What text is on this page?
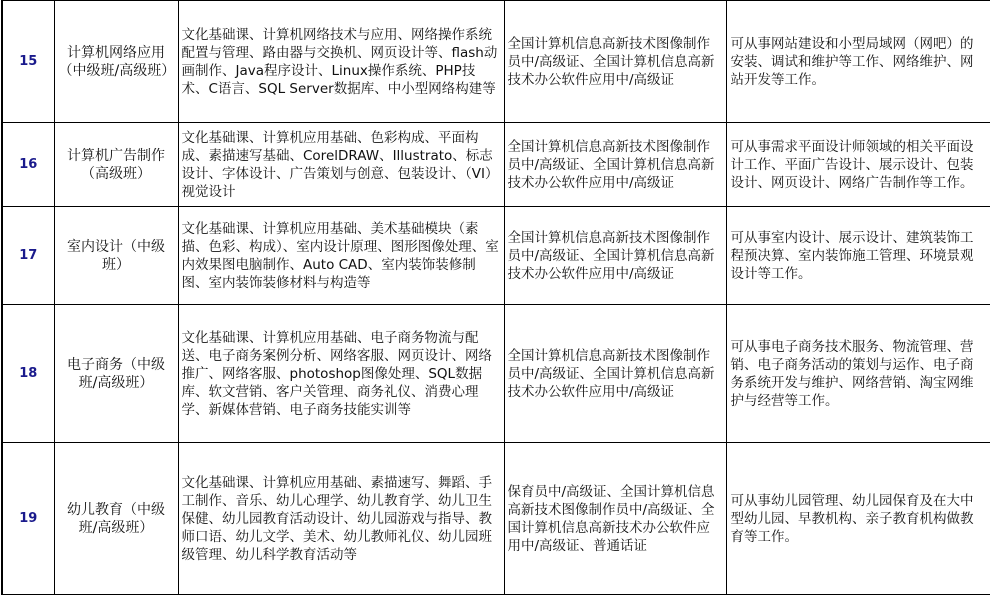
15	计算机网络应用（中级班/高级班）	文化基础课、计算机网络技术与应用、网络操作系统配置与管理、路由器与交换机、网页设计等、flash动画制作、Java程序设计、Linux操作系统、PHP技术、C语言、SQL Server数据库、中小型网络构建等	全国计算机信息高新技术图像制作员中/高级证、全国计算机信息高新技术办公软件应用中/高级证	可从事网站建设和小型局域网（网吧）的安装、调试和维护等工作、网络维护、网站开发等工作。
16	计算机广告制作（高级班）	文化基础课、计算机应用基础、色彩构成、平面构成、素描速写基础、CorelDRAW、Illustrato、标志设计、字体设计、广告策划与创意、包装设计、（VI）视觉设计	全国计算机信息高新技术图像制作员中/高级证、全国计算机信息高新技术办公软件应用中/高级证	可从事需求平面设计师领域的相关平面设计工作、平面广告设计、展示设计、包装设计、网页设计、网络广告制作等工作。
17	室内设计（中级班）	文化基础课、计算机应用基础、美术基础模块（素描、色彩、构成）、室内设计原理、图形图像处理、室内效果图电脑制作、Auto CAD、室内装饰装修制图、室内装饰装修材料与构造等	全国计算机信息高新技术图像制作员中/高级证、全国计算机信息高新技术办公软件应用中/高级证	可从事室内设计、展示设计、建筑装饰工程预决算、室内装饰施工管理、环境景观设计等工作。
18	电子商务（中级班/高级班）	文化基础课、计算机应用基础、电子商务物流与配送、电子商务案例分析、网络客服、网页设计、网络推广、网络客服、photoshop图像处理、SQL数据库、软文营销、客户关管理、商务礼仪、消费心理学、新媒体营销、电子商务技能实训等	全国计算机信息高新技术图像制作员中/高级证、全国计算机信息高新技术办公软件应用中/高级证	可从事电子商务技术服务、物流管理、营销、电子商务活动的策划与运作、电子商务系统开发与维护、网络营销、淘宝网维护与经营等工作。
19	幼儿教育（中级班/高级班）	文化基础课、计算机应用基础、素描速写、舞蹈、手工制作、音乐、幼儿心理学、幼儿教育学、幼儿卫生保健、幼儿园教育活动设计、幼儿园游戏与指导、教师口语、幼儿文学、美术、幼儿教师礼仪、幼儿园班级管理、幼儿科学教育活动等	保育员中/高级证、全国计算机信息高新技术图像制作员中/高级证、全国计算机信息高新技术办公软件应用中/高级证、普通话证	可从事幼儿园管理、幼儿园保育及在大中型幼儿园、早教机构、亲子教育机构做教育等工作。
